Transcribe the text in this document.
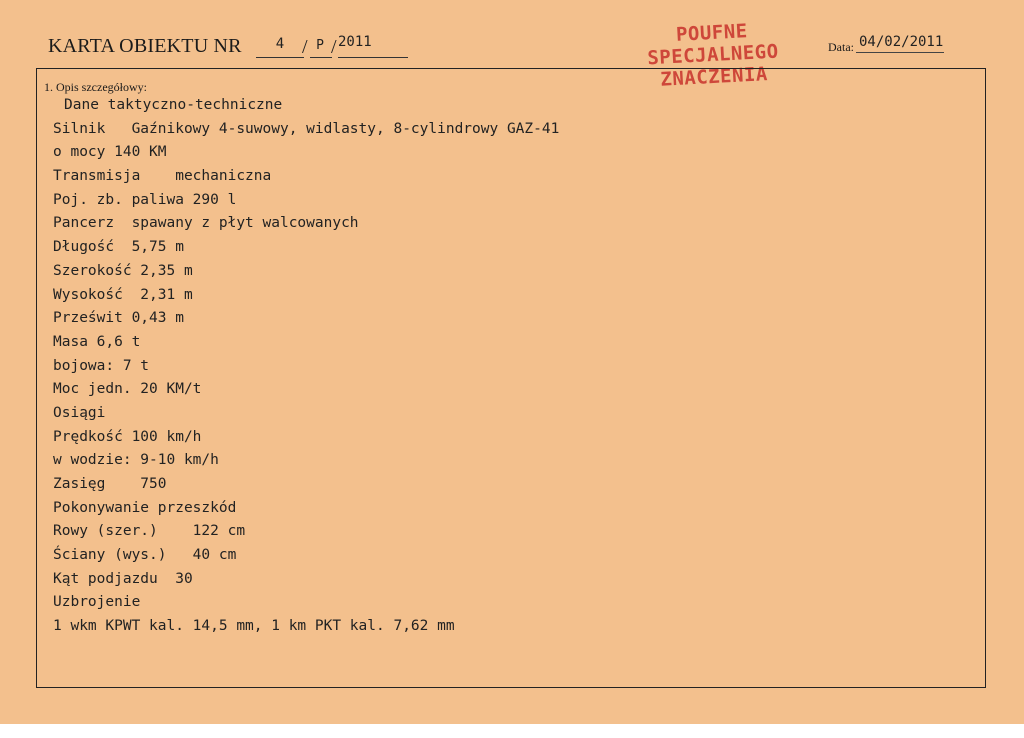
KARTA OBIEKTU NR	4 / P / 2011	POUFNE
SPECJALNEGO
ZNACZENIA
Data: 04/02/2011
1. Opis szczegółowy:
Dane taktyczno-techniczne
Silnik   Gaźnikowy 4-suwowy, widlasty, 8-cylindrowy GAZ-41
o mocy 140 KM
Transmisja    mechaniczna
Poj. zb. paliwa 290 l
Pancerz  spawany z płyt walcowanych
Długość  5,75 m
Szerokość 2,35 m
Wysokość  2,31 m
Prześwit 0,43 m
Masa 6,6 t
bojowa: 7 t
Moc jedn. 20 KM/t
Osiągi
Prędkość 100 km/h
w wodzie: 9-10 km/h
Zasięg    750
Pokonywanie przeszkód
Rowy (szer.)    122 cm
Ściany (wys.)   40 cm
Kąt podjazdu  30
Uzbrojenie
1 wkm KPWT kal. 14,5 mm, 1 km PKT kal. 7,62 mm
